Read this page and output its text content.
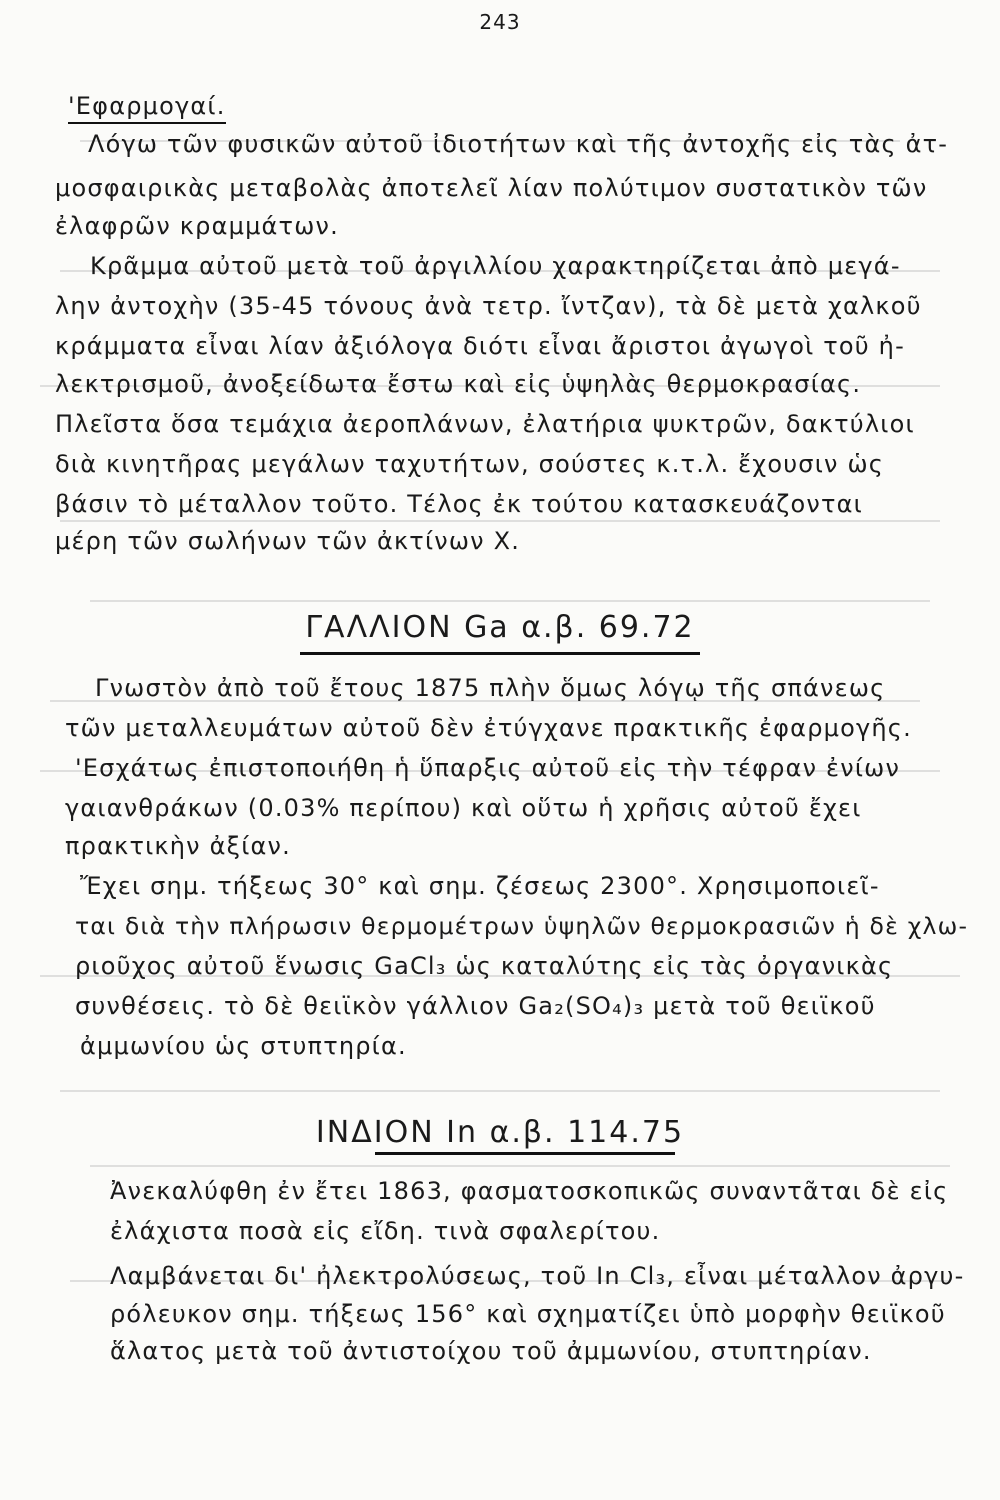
243
'Εφαρμογαί.
Λόγω τῶν φυσικῶν αὐτοῦ ἰδιοτήτων καὶ τῆς ἀντοχῆς εἰς τὰς ἀτ-
μοσφαιρικὰς μεταβολὰς ἀποτελεῖ λίαν πολύτιμον συστατικὸν τῶν
ἐλαφρῶν κραμμάτων.
Κρᾶμμα αὐτοῦ μετὰ τοῦ ἀργιλλίου χαρακτηρίζεται ἀπὸ μεγά-
λην ἀντοχὴν (35-45 τόνους ἀνὰ τετρ. ἴντζαν), τὰ δὲ μετὰ χαλκοῦ
κράμματα εἶναι λίαν ἀξιόλογα διότι εἶναι ἄριστοι ἀγωγοὶ τοῦ ἠ-
λεκτρισμοῦ, ἀνοξείδωτα ἔστω καὶ εἰς ὑψηλὰς θερμοκρασίας.
Πλεῖστα ὅσα τεμάχια ἀεροπλάνων, ἐλατήρια ψυκτρῶν, δακτύλιοι
διὰ κινητῆρας μεγάλων ταχυτήτων, σούστες κ.τ.λ. ἔχουσιν ὡς
βάσιν τὸ μέταλλον τοῦτο. Τέλος ἐκ τούτου κατασκευάζονται
μέρη τῶν σωλήνων τῶν ἀκτίνων Χ.
ΓΑΛΛΙΟΝ Ga α.β. 69.72
Γνωστὸν ἀπὸ τοῦ ἔτους 1875 πλὴν ὅμως λόγῳ τῆς σπάνεως
τῶν μεταλλευμάτων αὐτοῦ δὲν ἐτύγχανε πρακτικῆς ἐφαρμογῆς.
'Εσχάτως ἐπιστοποιήθη ἡ ὕπαρξις αὐτοῦ εἰς τὴν τέφραν ἐνίων
γαιανθράκων (0.03% περίπου) καὶ οὕτω ἡ χρῆσις αὐτοῦ ἔχει
πρακτικὴν ἀξίαν.
Ἔχει σημ. τήξεως 30° καὶ σημ. ζέσεως 2300°. Χρησιμοποιεῖ-
ται διὰ τὴν πλήρωσιν θερμομέτρων ὑψηλῶν θερμοκρασιῶν ἡ δὲ χλω-
ριοῦχος αὐτοῦ ἕνωσις GaCl₃ ὡς καταλύτης εἰς τὰς ὀργανικὰς
συνθέσεις. τὸ δὲ θειϊκὸν γάλλιον Ga₂(SO₄)₃ μετὰ τοῦ θειϊκοῦ
ἀμμωνίου ὡς στυπτηρία.
ΙΝΔΙΟΝ In α.β. 114.75
Ἀνεκαλύφθη ἐν ἔτει 1863, φασματοσκοπικῶς συναντᾶται δὲ εἰς
ἐλάχιστα ποσὰ εἰς εἴδη. τινὰ σφαλερίτου.
Λαμβάνεται δι' ἠλεκτρολύσεως, τοῦ In Cl₃, εἶναι μέταλλον ἀργυ-
ρόλευκον σημ. τήξεως 156° καὶ σχηματίζει ὑπὸ μορφὴν θειϊκοῦ
ἅλατος μετὰ τοῦ ἀντιστοίχου τοῦ ἀμμωνίου, στυπτηρίαν.
